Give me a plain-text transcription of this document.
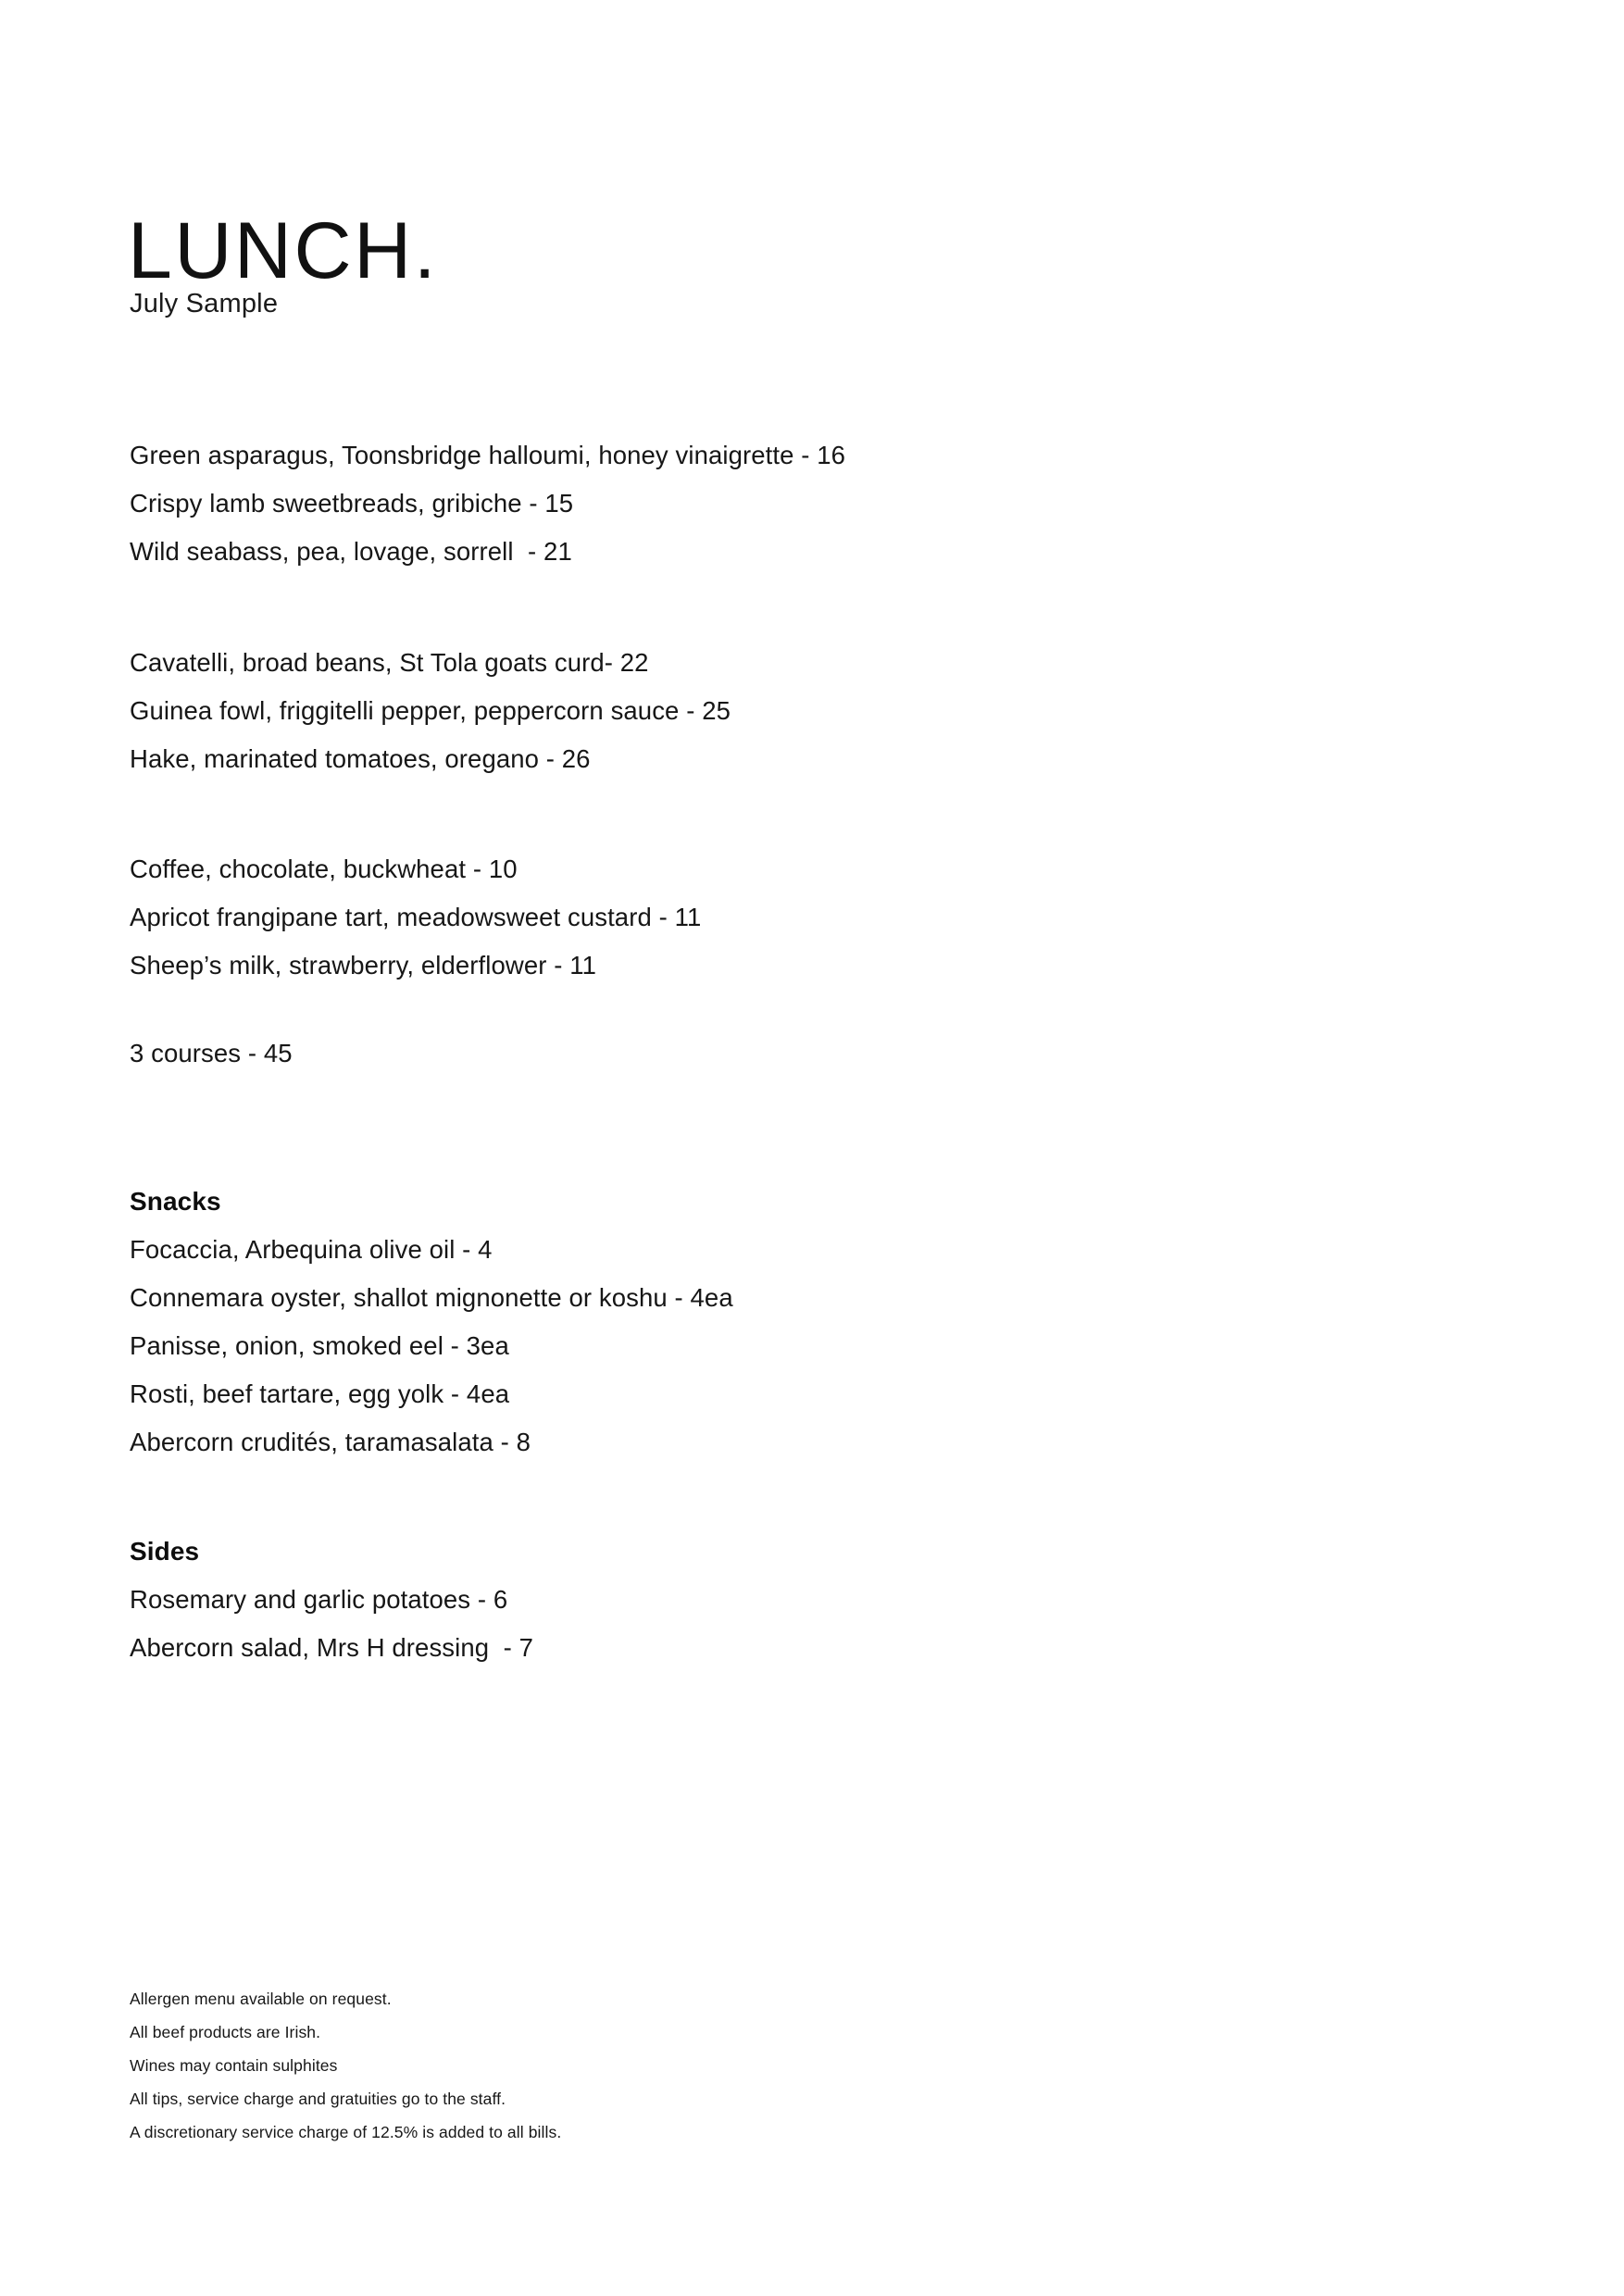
LUNCH.
July Sample
Green asparagus, Toonsbridge halloumi, honey vinaigrette - 16
Crispy lamb sweetbreads, gribiche - 15
Wild seabass, pea, lovage, sorrell  - 21
Cavatelli, broad beans, St Tola goats curd- 22
Guinea fowl, friggitelli pepper, peppercorn sauce - 25
Hake, marinated tomatoes, oregano - 26
Coffee, chocolate, buckwheat - 10
Apricot frangipane tart, meadowsweet custard - 11
Sheep’s milk, strawberry, elderflower - 11
3 courses - 45
Snacks
Focaccia, Arbequina olive oil - 4
Connemara oyster, shallot mignonette or koshu - 4ea
Panisse, onion, smoked eel - 3ea
Rosti, beef tartare, egg yolk - 4ea
Abercorn crudités, taramasalata - 8
Sides
Rosemary and garlic potatoes - 6
Abercorn salad, Mrs H dressing  - 7
Allergen menu available on request.
All beef products are Irish.
Wines may contain sulphites
All tips, service charge and gratuities go to the staff.
A discretionary service charge of 12.5% is added to all bills.
